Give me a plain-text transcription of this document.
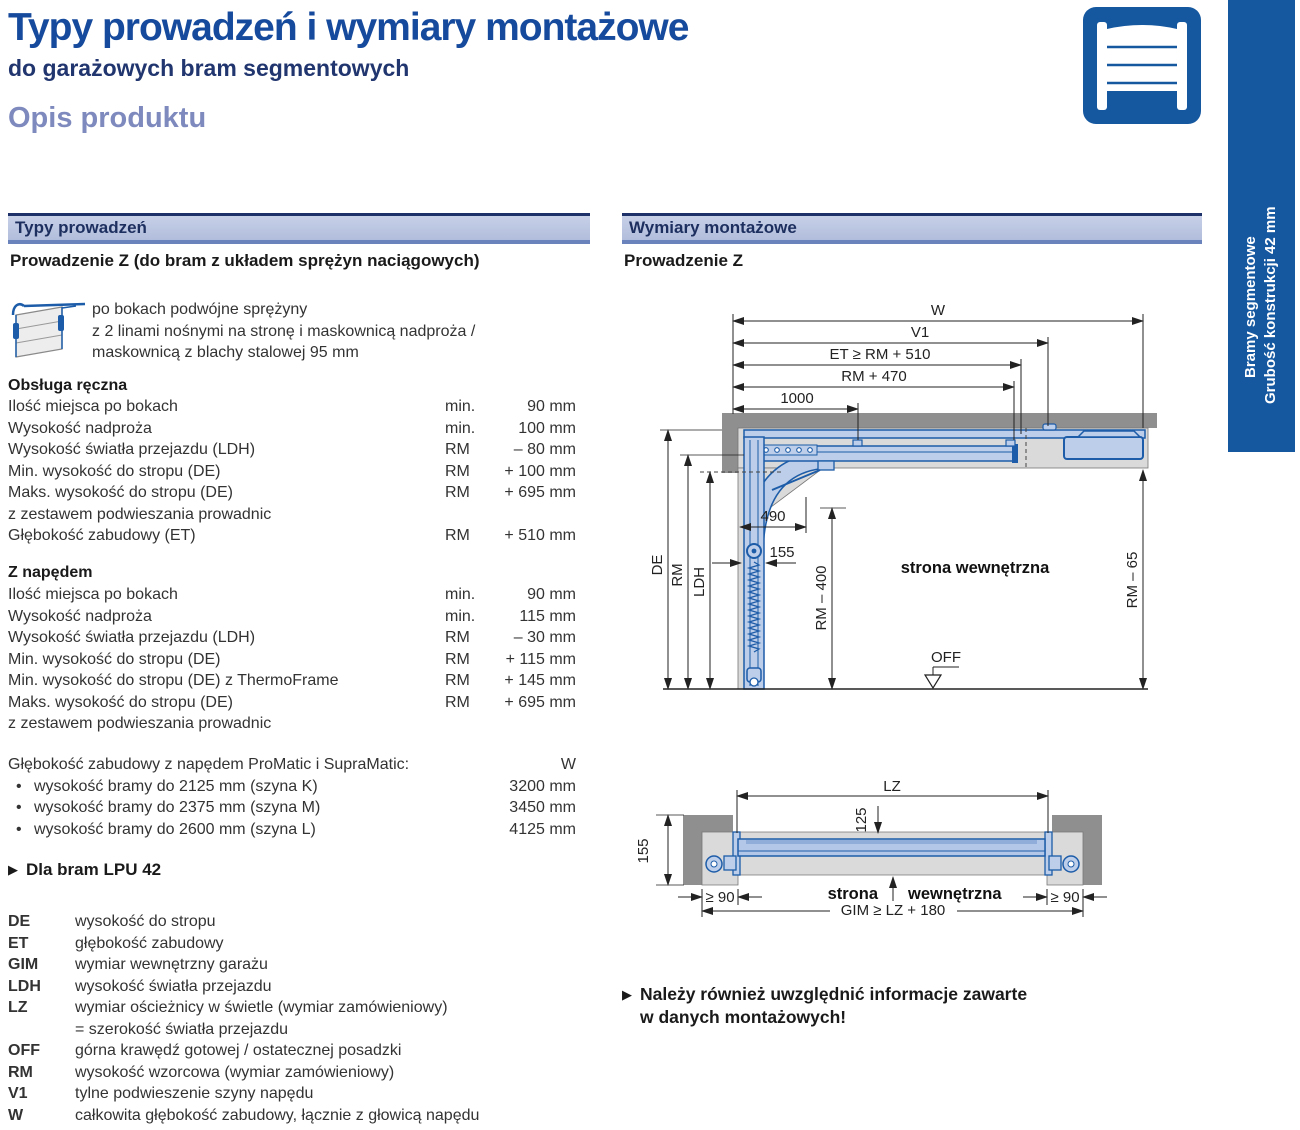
Typy prowadzeń i wymiary montażowe
do garażowych bram segmentowych
Opis produktu
Bramy segmentowe Grubość konstrukcji 42 mm
Typy prowadzeń	Wymiary montażowe
Prowadzenie Z (do bram z układem sprężyn naciągowych)	Prowadzenie Z
po bokach podwójne sprężyny
z 2 linami nośnymi na stronę i maskownicą nadproża /
maskownicą z blachy stalowej 95 mm
Obsługa ręczna
Ilość miejsca po bokach	min.	90 mm
Wysokość nadproża	min.	100 mm
Wysokość światła przejazdu (LDH)	RM	– 80 mm
Min. wysokość do stropu (DE)	RM	+ 100 mm
Maks. wysokość do stropu (DE)	RM	+ 695 mm
z zestawem podwieszania prowadnic
Głębokość zabudowy (ET)	RM	+ 510 mm
Z napędem
Ilość miejsca po bokach	min.	90 mm
Wysokość nadproża	min.	115 mm
Wysokość światła przejazdu (LDH)	RM	– 30 mm
Min. wysokość do stropu (DE)	RM	+ 115 mm
Min. wysokość do stropu (DE) z ThermoFrame	RM	+ 145 mm
Maks. wysokość do stropu (DE)	RM	+ 695 mm
z zestawem podwieszania prowadnic
Głębokość zabudowy z napędem ProMatic i SupraMatic:	W
• wysokość bramy do 2125 mm (szyna K)	3200 mm
• wysokość bramy do 2375 mm (szyna M)	3450 mm
• wysokość bramy do 2600 mm (szyna L)	4125 mm
▶ Dla bram LPU 42
DE	wysokość do stropu
ET	głębokość zabudowy
GIM	wymiar wewnętrzny garażu
LDH	wysokość światła przejazdu
LZ	wymiar ościeżnicy w świetle (wymiar zamówieniowy)
= szerokość światła przejazdu
OFF	górna krawędź gotowej / ostatecznej posadzki
RM	wysokość wzorcowa (wymiar zamówieniowy)
V1	tylne podwieszenie szyny napędu
W	całkowita głębokość zabudowy, łącznie z głowicą napędu
W
V1
ET ≥ RM + 510
RM + 470
1000
490
155
DE RM LDH	RM – 400	RM – 65
strona wewnętrzna
OFF
LZ
125
155
≥ 90	≥ 90
GIM ≥ LZ + 180
strona wewnętrzna
▶ Należy również uwzględnić informacje zawarte
w danych montażowych!
